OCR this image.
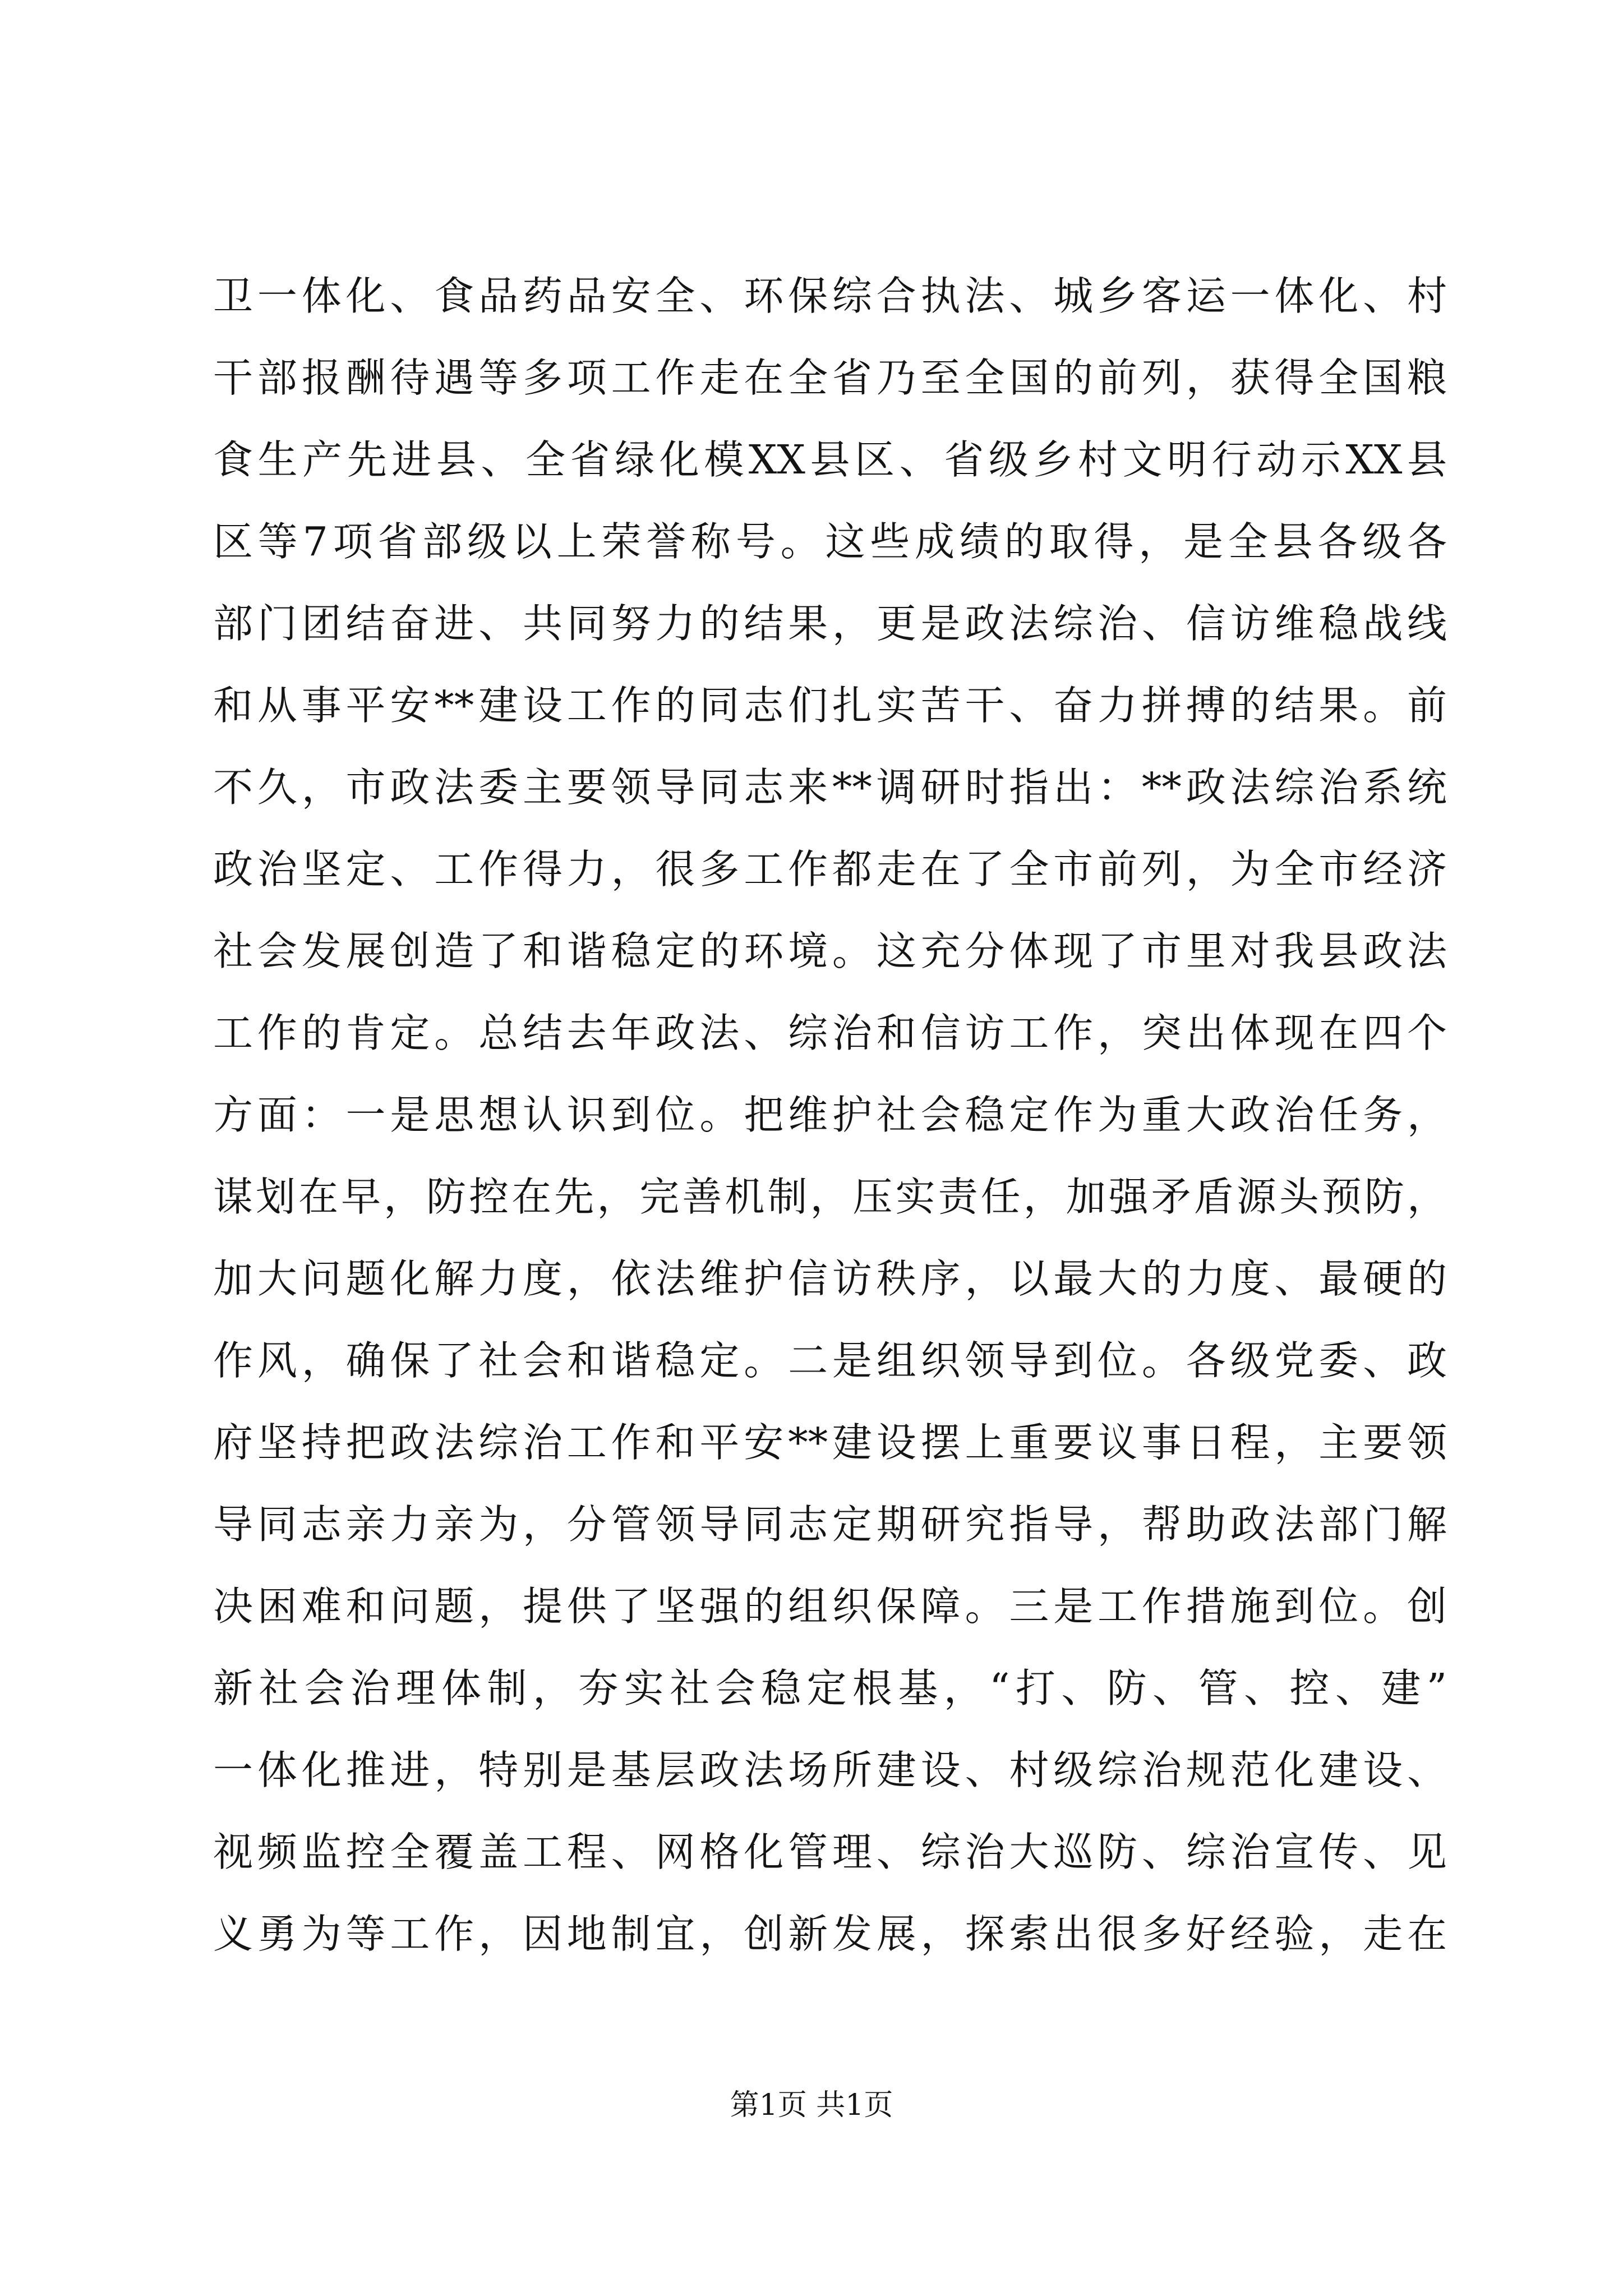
卫一体化、食品药品安全、环保综合执法、城乡客运一体化、村
干部报酬待遇等多项工作走在全省乃至全国的前列，获得全国粮
食生产先进县、全省绿化模XX县区、省级乡村文明行动示XX县
区等7项省部级以上荣誉称号。这些成绩的取得，是全县各级各
部门团结奋进、共同努力的结果，更是政法综治、信访维稳战线
和从事平安**建设工作的同志们扎实苦干、奋力拼搏的结果。前
不久，市政法委主要领导同志来**调研时指出：**政法综治系统
政治坚定、工作得力，很多工作都走在了全市前列，为全市经济
社会发展创造了和谐稳定的环境。这充分体现了市里对我县政法
工作的肯定。总结去年政法、综治和信访工作，突出体现在四个
方面：一是思想认识到位。把维护社会稳定作为重大政治任务，
谋划在早，防控在先，完善机制，压实责任，加强矛盾源头预防，
加大问题化解力度，依法维护信访秩序，以最大的力度、最硬的
作风，确保了社会和谐稳定。二是组织领导到位。各级党委、政
府坚持把政法综治工作和平安**建设摆上重要议事日程，主要领
导同志亲力亲为，分管领导同志定期研究指导，帮助政法部门解
决困难和问题，提供了坚强的组织保障。三是工作措施到位。创
新社会治理体制，夯实社会稳定根基，“打、防、管、控、建”
一体化推进，特别是基层政法场所建设、村级综治规范化建设、
视频监控全覆盖工程、网格化管理、综治大巡防、综治宣传、见
义勇为等工作，因地制宜，创新发展，探索出很多好经验，走在
第1页 共1页
